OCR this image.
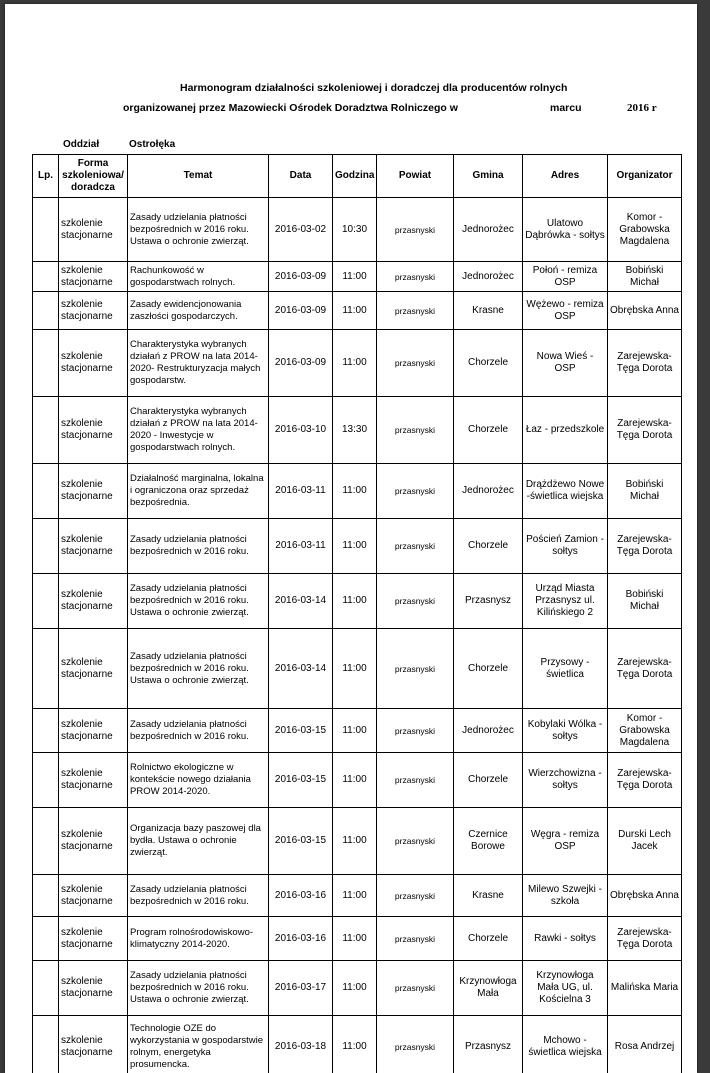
Harmonogram działalności szkoleniowej i doradczej dla producentów rolnych
organizowanej przez Mazowiecki Ośrodek Doradztwa Rolniczego w	marcu	2016 r
Oddział	Ostrołęka
Lp.	Forma szkoleniowa/ doradcza	Temat	Data	Godzina	Powiat	Gmina	Adres	Organizator
	szkolenie stacjonarne	Zasady udzielania płatności bezpośrednich w 2016 roku. Ustawa o ochronie zwierząt.	2016-03-02	10:30	przasnyski	Jednorożec	Ulatowo Dąbrówka - sołtys	Komor - Grabowska Magdalena
	szkolenie stacjonarne	Rachunkowość w gospodarstwach rolnych.	2016-03-09	11:00	przasnyski	Jednorożec	Połoń - remiza OSP	Bobiński Michał
	szkolenie stacjonarne	Zasady ewidencjonowania zaszłości gospodarczych.	2016-03-09	11:00	przasnyski	Krasne	Wężewo - remiza OSP	Obrębska Anna
	szkolenie stacjonarne	Charakterystyka wybranych działań z PROW na lata 2014- 2020- Restrukturyzacja małych gospodarstw.	2016-03-09	11:00	przasnyski	Chorzele	Nowa Wieś - OSP	Zarejewska-Tęga Dorota
	szkolenie stacjonarne	Charakterystyka wybranych działań z PROW na lata 2014- 2020 - Inwestycje w gospodarstwach rolnych.	2016-03-10	13:30	przasnyski	Chorzele	Łaz - przedszkole	Zarejewska-Tęga Dorota
	szkolenie stacjonarne	Działalność marginalna, lokalna i ograniczona oraz sprzedaż bezpośrednia.	2016-03-11	11:00	przasnyski	Jednorożec	Drążdżewo Nowe -świetlica wiejska	Bobiński Michał
	szkolenie stacjonarne	Zasady udzielania płatności bezpośrednich w 2016 roku.	2016-03-11	11:00	przasnyski	Chorzele	Poścień Zamion - sołtys	Zarejewska-Tęga Dorota
	szkolenie stacjonarne	Zasady udzielania płatności bezpośrednich w 2016 roku. Ustawa o ochronie zwierząt.	2016-03-14	11:00	przasnyski	Przasnysz	Urząd Miasta Przasnysz ul. Kilińskiego 2	Bobiński Michał
	szkolenie stacjonarne	Zasady udzielania płatności bezpośrednich w 2016 roku. Ustawa o ochronie zwierząt.	2016-03-14	11:00	przasnyski	Chorzele	Przysowy - świetlica	Zarejewska-Tęga Dorota
	szkolenie stacjonarne	Zasady udzielania płatności bezpośrednich w 2016 roku.	2016-03-15	11:00	przasnyski	Jednorożec	Kobylaki Wólka - sołtys	Komor - Grabowska Magdalena
	szkolenie stacjonarne	Rolnictwo ekologiczne w kontekście nowego działania PROW 2014-2020.	2016-03-15	11:00	przasnyski	Chorzele	Wierzchowizna - sołtys	Zarejewska-Tęga Dorota
	szkolenie stacjonarne	Organizacja bazy paszowej dla bydła. Ustawa o ochronie zwierząt.	2016-03-15	11:00	przasnyski	Czernice Borowe	Węgra - remiza OSP	Durski Lech Jacek
	szkolenie stacjonarne	Zasady udzielania płatności bezpośrednich w 2016 roku.	2016-03-16	11:00	przasnyski	Krasne	Milewo Szwejki - szkoła	Obrębska Anna
	szkolenie stacjonarne	Program rolnośrodowiskowo-klimatyczny 2014-2020.	2016-03-16	11:00	przasnyski	Chorzele	Rawki - sołtys	Zarejewska-Tęga Dorota
	szkolenie stacjonarne	Zasady udzielania płatności bezpośrednich w 2016 roku. Ustawa o ochronie zwierząt.	2016-03-17	11:00	przasnyski	Krzynowłoga Mała	Krzynowłoga Mała UG, ul. Kościelna 3	Malińska Maria
	szkolenie stacjonarne	Technologie OZE do wykorzystania w gospodarstwie rolnym, energetyka prosumencka.	2016-03-18	11:00	przasnyski	Przasnysz	Mchowo - świetlica wiejska	Rosa Andrzej
